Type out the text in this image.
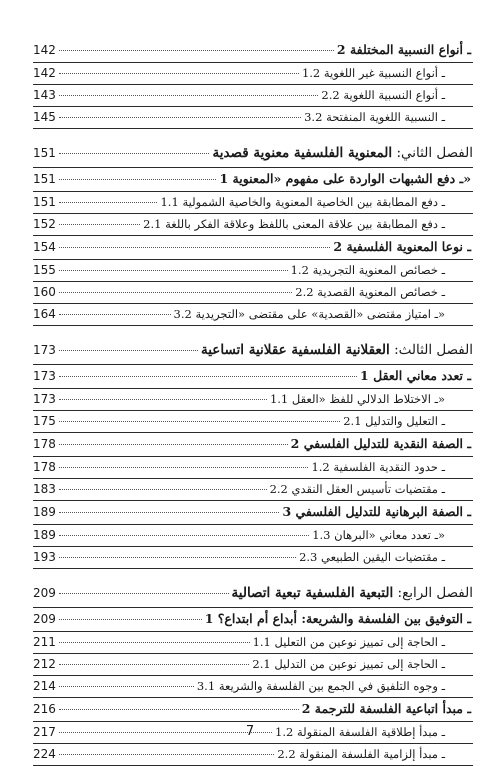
2 ـ أنواع النسبية المختلفة
142
1.2 ـ أنواع النسبية غير اللغوية
142
2.2 ـ أنواع النسبية اللغوية
143
3.2 ـ النسبية اللغوية المنفتحة
145
الفصل الثاني: المعنوية الفلسفية معنوية قصدية
151
1 ـ دفع الشبهات الواردة على مفهوم «المعنوية»
151
1.1 ـ دفع المطابقة بين الخاصية المعنوية والخاصية الشمولية
151
2.1 ـ دفع المطابقة بين علاقة المعنى باللفظ وعلاقة الفكر باللغة
152
2 ـ نوعا المعنوية الفلسفية
154
1.2 ـ خصائص المعنوية التجريدية
155
2.2 ـ خصائص المعنوية القصدية
160
3.2 ـ امتياز مقتضى «القصدية» على مقتضى «التجريدية»
164
الفصل الثالث: العقلانية الفلسفية عقلانية اتساعية
173
1 ـ تعدد معاني العقل
173
1.1 ـ الاختلاط الدلالي للفظ «العقل»
173
2.1 ـ التعليل والتدليل
175
2 ـ الصفة النقدية للتدليل الفلسفي
178
1.2 ـ حدود النقدية الفلسفية
178
2.2 ـ مقتضيات تأسيس العقل النقدي
183
3 ـ الصفة البرهانية للتدليل الفلسفي
189
1.3 ـ تعدد معاني «البرهان»
189
2.3 ـ مقتضيات اليقين الطبيعي
193
الفصل الرابع: التبعية الفلسفية تبعية اتصالية
209
1 ـ التوفيق بين الفلسفة والشريعة: أبداع أم ابتداع؟
209
1.1 ـ الحاجة إلى تمييز نوعين من التعليل
211
2.1 ـ الحاجة إلى تمييز نوعين من التدليل
212
3.1 ـ وجوه التلفيق في الجمع بين الفلسفة والشريعة
214
2 ـ مبدأ اتباعية الفلسفة للترجمة
216
1.2 ـ مبدأ إطلاقية الفلسفة المنقولة
217
2.2 ـ مبدأ إلزامية الفلسفة المنقولة
224
7
